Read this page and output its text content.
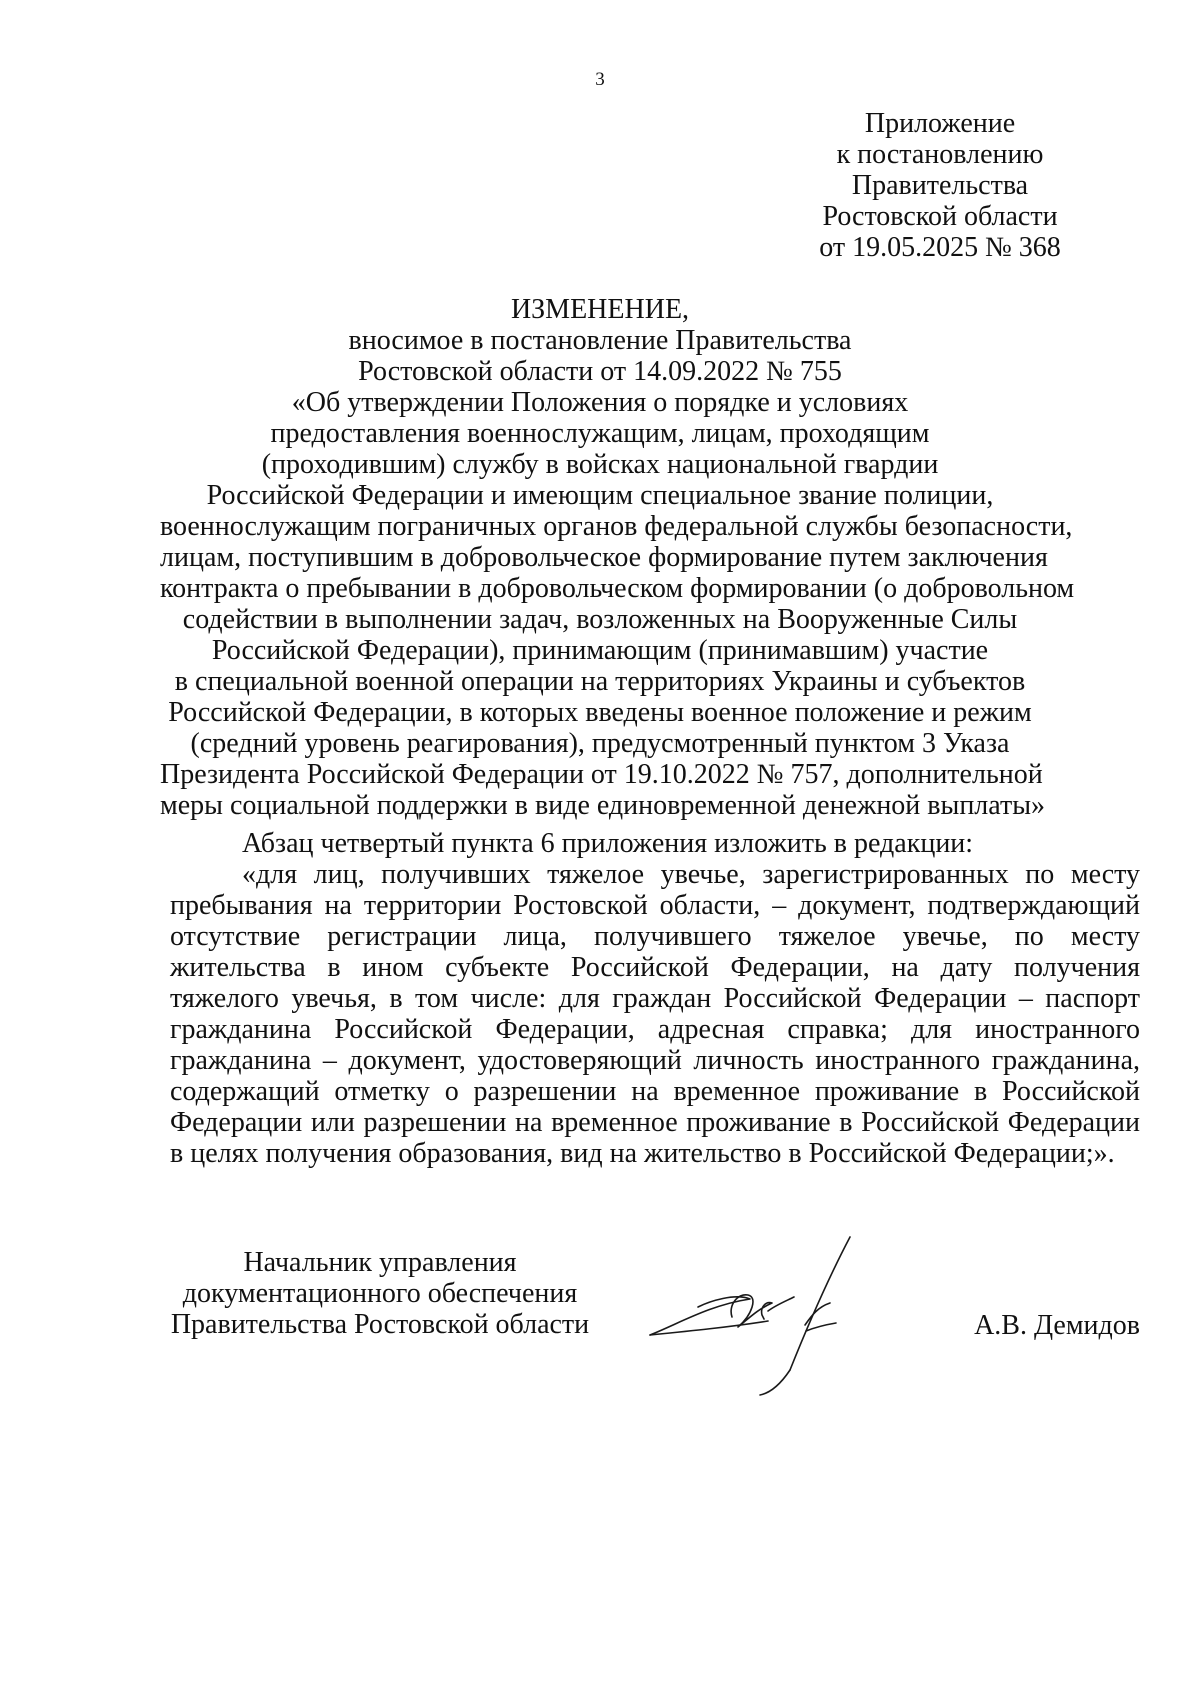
3
Приложение
к постановлению
Правительства
Ростовской области
от 19.05.2025 № 368
ИЗМЕНЕНИЕ,
вносимое в постановление Правительства
Ростовской области от 14.09.2022 № 755
«Об утверждении Положения о порядке и условиях
предоставления военнослужащим, лицам, проходящим
(проходившим) службу в войсках национальной гвардии
Российской Федерации и имеющим специальное звание полиции,
военнослужащим пограничных органов федеральной службы безопасности,
лицам, поступившим в добровольческое формирование путем заключения
контракта о пребывании в добровольческом формировании (о добровольном
содействии в выполнении задач, возложенных на Вооруженные Силы
Российской Федерации), принимающим (принимавшим) участие
в специальной военной операции на территориях Украины и субъектов
Российской Федерации, в которых введены военное положение и режим
(средний уровень реагирования), предусмотренный пунктом 3 Указа
Президента Российской Федерации от 19.10.2022 № 757, дополнительной
меры социальной поддержки в виде единовременной денежной выплаты»
Абзац четвертый пункта 6 приложения изложить в редакции:
«для лиц, получивших тяжелое увечье, зарегистрированных по месту
пребывания на территории Ростовской области, – документ, подтверждающий
отсутствие регистрации лица, получившего тяжелое увечье, по месту
жительства в ином субъекте Российской Федерации, на дату получения
тяжелого увечья, в том числе: для граждан Российской Федерации – паспорт
гражданина Российской Федерации, адресная справка; для иностранного
гражданина – документ, удостоверяющий личность иностранного гражданина,
содержащий отметку о разрешении на временное проживание в Российской
Федерации или разрешении на временное проживание в Российской Федерации
в целях получения образования, вид на жительство в Российской Федерации;».
Начальник управления
документационного обеспечения
Правительства Ростовской области	А.В. Демидов
